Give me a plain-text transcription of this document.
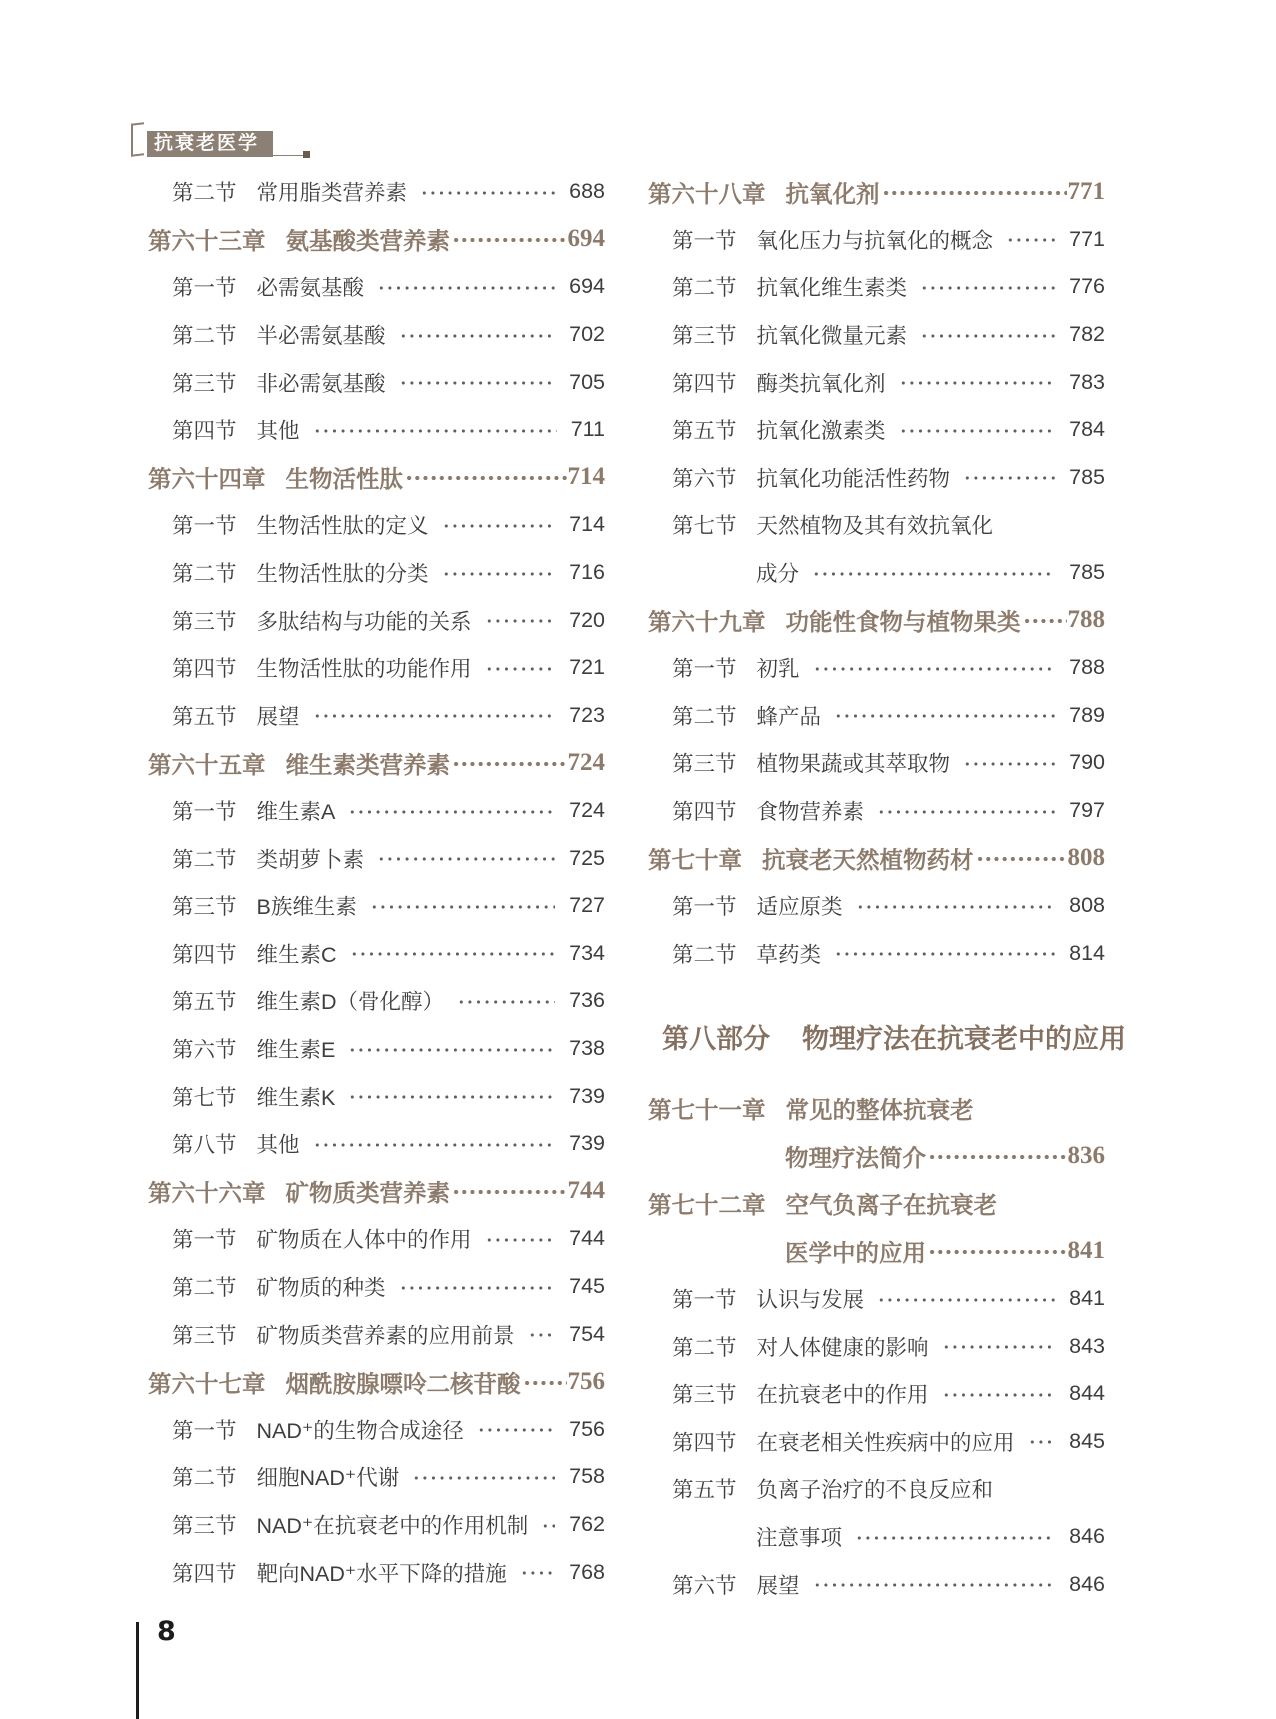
抗衰老医学
第二节 常用脂类营养素	688
第六十三章 氨基酸类营养素	694
第一节 必需氨基酸	694
第二节 半必需氨基酸	702
第三节 非必需氨基酸	705
第四节 其他	711
第六十四章 生物活性肽	714
第一节 生物活性肽的定义	714
第二节 生物活性肽的分类	716
第三节 多肽结构与功能的关系	720
第四节 生物活性肽的功能作用	721
第五节 展望	723
第六十五章 维生素类营养素	724
第一节 维生素A	724
第二节 类胡萝卜素	725
第三节 B族维生素	727
第四节 维生素C	734
第五节 维生素D（骨化醇）	736
第六节 维生素E	738
第七节 维生素K	739
第八节 其他	739
第六十六章 矿物质类营养素	744
第一节 矿物质在人体中的作用	744
第二节 矿物质的种类	745
第三节 矿物质类营养素的应用前景	754
第六十七章 烟酰胺腺嘌呤二核苷酸 756
第一节 NAD⁺的生物合成途径	756
第二节 细胞NAD⁺代谢	758
第三节 NAD⁺在抗衰老中的作用机制 762
第四节 靶向NAD⁺水平下降的措施	768
第六十八章 抗氧化剂	771
第一节 氧化压力与抗氧化的概念	771
第二节 抗氧化维生素类	776
第三节 抗氧化微量元素	782
第四节 酶类抗氧化剂	783
第五节 抗氧化激素类	784
第六节 抗氧化功能活性药物	785
第七节 天然植物及其有效抗氧化
成分	785
第六十九章 功能性食物与植物果类 788
第一节 初乳	788
第二节 蜂产品	789
第三节 植物果蔬或其萃取物	790
第四节 食物营养素	797
第七十章 抗衰老天然植物药材	808
第一节 适应原类	808
第二节 草药类	814
第八部分 物理疗法在抗衰老中的应用
第七十一章 常见的整体抗衰老
物理疗法简介	836
第七十二章 空气负离子在抗衰老
医学中的应用	841
第一节 认识与发展	841
第二节 对人体健康的影响	843
第三节 在抗衰老中的作用	844
第四节 在衰老相关性疾病中的应用	845
第五节 负离子治疗的不良反应和
注意事项	846
第六节 展望	846
8
